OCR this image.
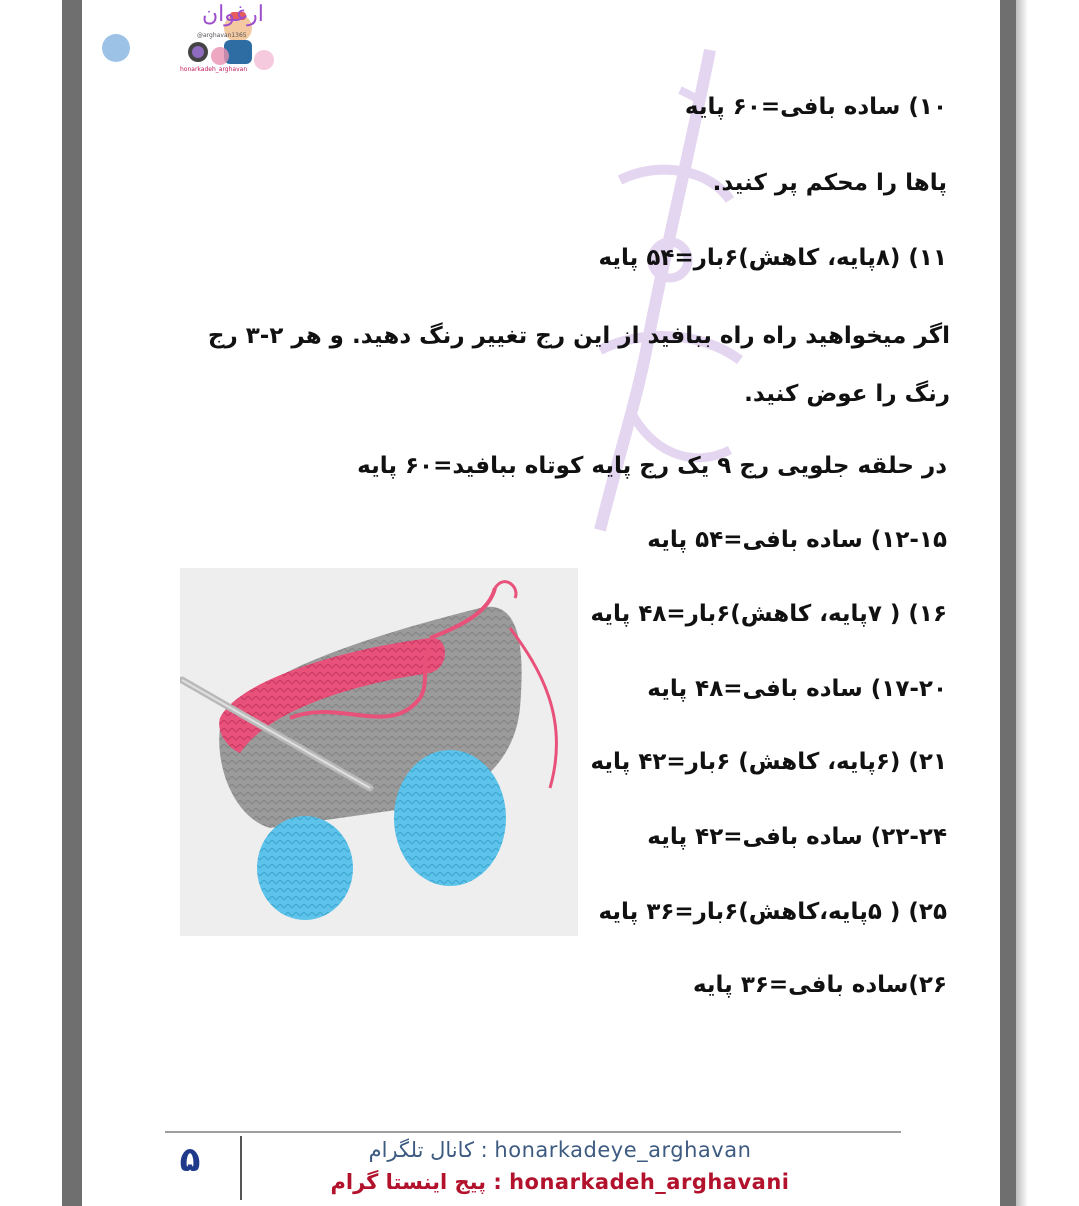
ارغوان
@arghavan1365
honarkadeh_arghavan
۱۰) ساده بافی=۶۰ پایه
پاها را محکم پر کنید.
۱۱) (۸پایه، کاهش)۶بار=۵۴ پایه
اگر میخواهید راه راه ببافید از این رج تغییر رنگ دهید. و هر ۲-۳ رج رنگ را عوض کنید.
در حلقه جلویی رج ۹ یک رج پایه کوتاه ببافید=۶۰ پایه
۱۲-۱۵) ساده بافی=۵۴ پایه
۱۶) ( ۷پایه، کاهش)۶بار=۴۸ پایه
۱۷-۲۰) ساده بافی=۴۸ پایه
۲۱) (۶پایه، کاهش) ۶بار=۴۲ پایه
۲۲-۲۴) ساده بافی=۴۲ پایه
۲۵) ( ۵پایه،کاهش)۶بار=۳۶ پایه
۲۶)ساده بافی=۳۶ پایه
۵	کانال تلگرام : honarkadeye_arghavan
پیج اینستا گرام : honarkadeh_arghavani
